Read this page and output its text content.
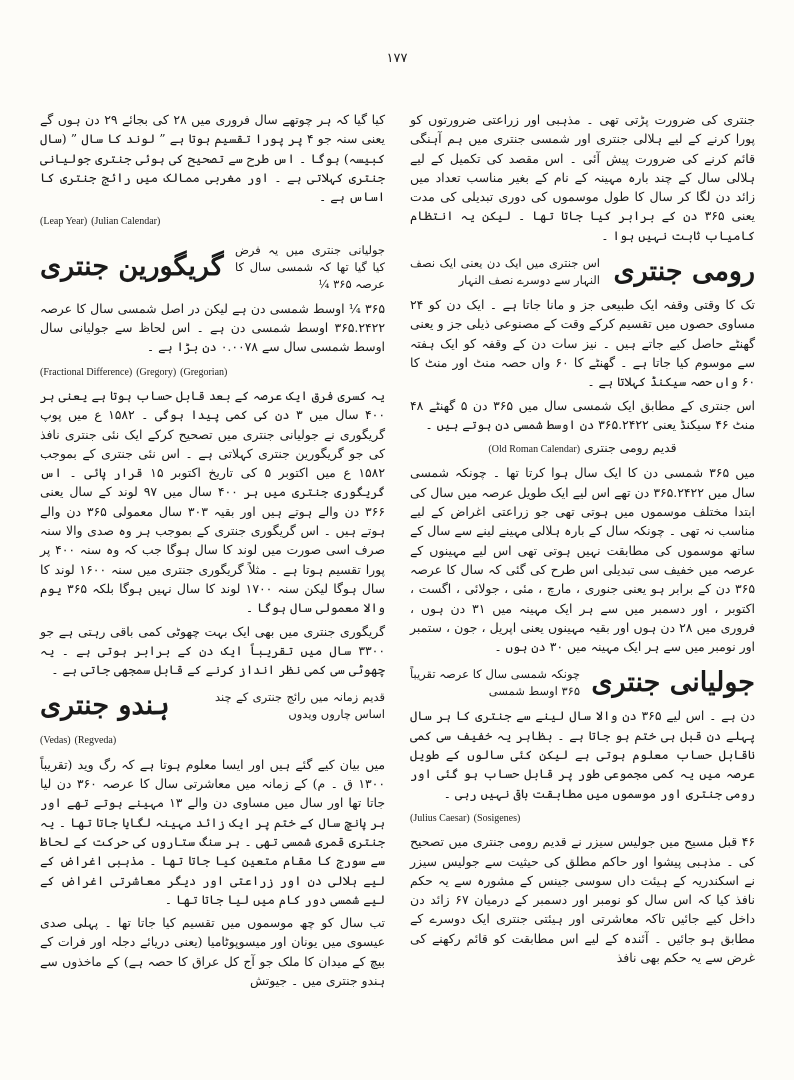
۱۷۷

جنتری کی ضرورت پڑتی تھی ۔ مذہبی اور زراعتی ضرورتوں کو پورا کرنے کے لیے ہلالی جنتری اور شمسی جنتری میں ہم آہنگی قائم کرنے کی ضرورت پیش آئی ۔ اس مقصد کی تکمیل کے لیے ہلالی سال کے چند بارہ مہینہ کے نام کے بغیر مناسب تعداد میں زائد دن لگا کر سال کا طول موسموں کی دوری تبدیلی کی مدت یعنی ۳۶۵ دن کے برابر کیا جاتا تھا ۔ لیکن یہ انتظام کامیاب ثابت نہیں ہوا ۔

رومی جنتری
اس جنتری میں ایک دن یعنی ایک نصف النہار سے دوسرے نصف النہار

تک کا وقتی وقفہ ایک طبیعی جز و مانا جاتا ہے ۔ ایک دن کو ۲۴ مساوی حصوں میں تقسیم کرکے وقت کے مصنوعی ذیلی جز و یعنی گھنٹے حاصل کیے جاتے ہیں ۔ نیز سات دن کے وقفہ کو ایک ہفتہ سے موسوم کیا جاتا ہے ۔ گھنٹے کا ۶۰ واں حصہ منٹ اور منٹ کا ۶۰ واں حصہ سیکنڈ کہلاتا ہے ۔

اس جنتری کے مطابق ایک شمسی سال میں ۳۶۵ دن ۵ گھنٹے ۴۸ منٹ ۴۶ سیکنڈ یعنی ۳۶۵.۲۴۲۲ دن اوسط شمسی دن ہوتے ہیں ۔

قدیم رومی جنتری (Old Roman Calendar)

میں ۳۶۵ شمسی دن کا ایک سال ہوا کرتا تھا ۔ چونکہ شمسی سال میں ۳۶۵.۲۴۲۲ دن تھے اس لیے ایک طویل عرصہ میں سال کی ابتدا مختلف موسموں میں ہوتی تھی جو زراعتی اغراض کے لیے مناسب نہ تھی ۔ چونکہ سال کے بارہ ہلالی مہینے لینے سے سال کے ساتھ موسموں کی مطابقت نہیں ہوتی تھی اس لیے مہینوں کے عرصہ میں خفیف سی تبدیلی اس طرح کی گئی کہ سال کا عرصہ ۳۶۵ دن کے برابر ہو یعنی جنوری ، مارچ ، مئی ، جولائی ، اگست ، اکتوبر ، اور دسمبر میں سے ہر ایک مہینہ میں ۳۱ دن ہوں ، فروری میں ۲۸ دن ہوں اور بقیہ مہینوں یعنی اپریل ، جون ، ستمبر اور نومبر میں سے ہر ایک مہینہ میں ۳۰ دن ہوں ۔

جولیانی جنتری
چونکہ شمسی سال کا عرصہ تقریباً ۳۶۵ اوسط شمسی

دن ہے ۔ اس لیے ۳۶۵ دن والا سال لینے سے جنتری کا ہر سال پہلے دن قبل ہی ختم ہو جاتا ہے ۔ بظاہر یہ خفیف سی کمی ناقابل حساب معلوم ہوتی ہے لیکن کئی سالوں کے طویل عرصہ میں یہ کمی مجموعی طور پر قابل حساب ہو گئی اور رومی جنتری اور موسموں میں مطابقت باقی نہیں رہی ۔

(Julius Caesar) (Sosigenes)

۴۶ قبل مسیح میں جولیس سیزر نے قدیم رومی جنتری میں تصحیح کی ۔ مذہبی پیشوا اور حاکم مطلق کی حیثیت سے جولیس سیزر نے اسکندریہ کے ہیئت داں سوسی جینس کے مشورہ سے یہ حکم نافذ کیا کہ اس سال کو نومبر اور دسمبر کے درمیان ۶۷ زائد دن داخل کیے جائیں تاکہ معاشرتی اور ہیئتی جنتری ایک دوسرے کے مطابق ہو جائیں ۔ آئندہ کے لیے اس مطابقت کو قائم رکھنے کی غرض سے یہ حکم بھی نافذ

کیا گیا کہ ہر چوتھے سال فروری میں ۲۸ کی بجائے ۲۹ دن ہوں گے یعنی سنہ جو ۴ پر پورا تقسیم ہوتا ہے ” لوند کا سال ” (سال کبیسہ) ہوگا ۔ اس طرح سے تصحیح کی ہوئی جنتری جولیانی جنتری کہلاتی ہے ۔ اور مغربی ممالک میں رائج جنتری کا اساس ہے ۔

(Leap Year) (Julian Calendar)

جولیانی جنتری میں یہ فرض کیا گیا تھا کہ شمسی سال کا عرصہ ۳۶۵ ¼
گریگورین جنتری

۳۶۵ ¼ اوسط شمسی دن ہے لیکن در اصل شمسی سال کا عرصہ ۳۶۵.۲۴۲۲ اوسط شمسی دن ہے ۔ اس لحاظ سے جولیانی سال اوسط شمسی سال سے ۰.۰۰۷۸ دن بڑا ہے ۔

(Fractional Difference) (Gregory) (Gregorian)

یہ کسری فرق ایک عرصہ کے بعد قابل حساب ہوتا ہے یعنی ہر ۴۰۰ سال میں ۳ دن کی کمی پیدا ہوگی ۔ ۱۵۸۲ ع میں پوپ گریگوری نے جولیانی جنتری میں تصحیح کرکے ایک نئی جنتری نافذ کی جو گریگورین جنتری کہلاتی ہے ۔ اس نئی جنتری کے بموجب ۱۵۸۲ ع میں اکتوبر ۵ کی تاریخ اکتوبر ۱۵ قرار پائی ۔ اس گریگوری جنتری میں ہر ۴۰۰ سال میں ۹۷ لوند کے سال یعنی ۳۶۶ دن والے ہوتے ہیں اور بقیہ ۳۰۳ سال معمولی ۳۶۵ دن والے ہوتے ہیں ۔ اس گریگوری جنتری کے بموجب ہر وہ صدی والا سنہ صرف اسی صورت میں لوند کا سال ہوگا جب کہ وہ سنہ ۴۰۰ پر پورا تقسیم ہوتا ہے ۔ مثلاً گریگوری جنتری میں سنہ ۱۶۰۰ لوند کا سال ہوگا لیکن سنہ ۱۷۰۰ لوند کا سال نہیں ہوگا بلکہ ۳۶۵ یوم والا معمولی سال ہوگا ۔

گریگوری جنتری میں بھی ایک بہت چھوٹی کمی باقی رہتی ہے جو ۳۳۰۰ سال میں تقریباً ایک دن کے برابر ہوتی ہے ۔ یہ چھوٹی سی کمی نظر انداز کرنے کے قابل سمجھی جاتی ہے ۔

قدیم زمانہ میں رائج جنتری کے چند اساس چاروں ویدوں
ہندو جنتری

(Vedas) (Regveda)

میں بیان کیے گئے ہیں اور ایسا معلوم ہوتا ہے کہ رگ وید (تقریباً ۱۳۰۰ ق ۔ م) کے زمانہ میں معاشرتی سال کا عرصہ ۳۶۰ دن لیا جاتا تھا اور سال میں مساوی دن والے ۱۳ مہینے ہوتے تھے اور ہر پانچ سال کے ختم پر ایک زائد مہینہ لگایا جاتا تھا ۔ یہ جنتری قمری شمسی تھی ۔ ہر سنگ ستاروں کی حرکت کے لحاظ سے سورج کا مقام متعین کیا جاتا تھا ۔ مذہبی اغراض کے لیے ہلالی دن اور زراعتی اور دیگر معاشرتی اغراض کے لیے شمسی دور کام میں لیا جاتا تھا ۔

تب سال کو چھ موسموں میں تقسیم کیا جاتا تھا ۔ پہلی صدی عیسوی میں یونان اور میسوپوٹامیا (یعنی دریائے دجلہ اور فرات کے بیچ کے میدان کا ملک جو آج کل عراق کا حصہ ہے) کے ماخذوں سے ہندو جنتری میں ۔ جیوتش
